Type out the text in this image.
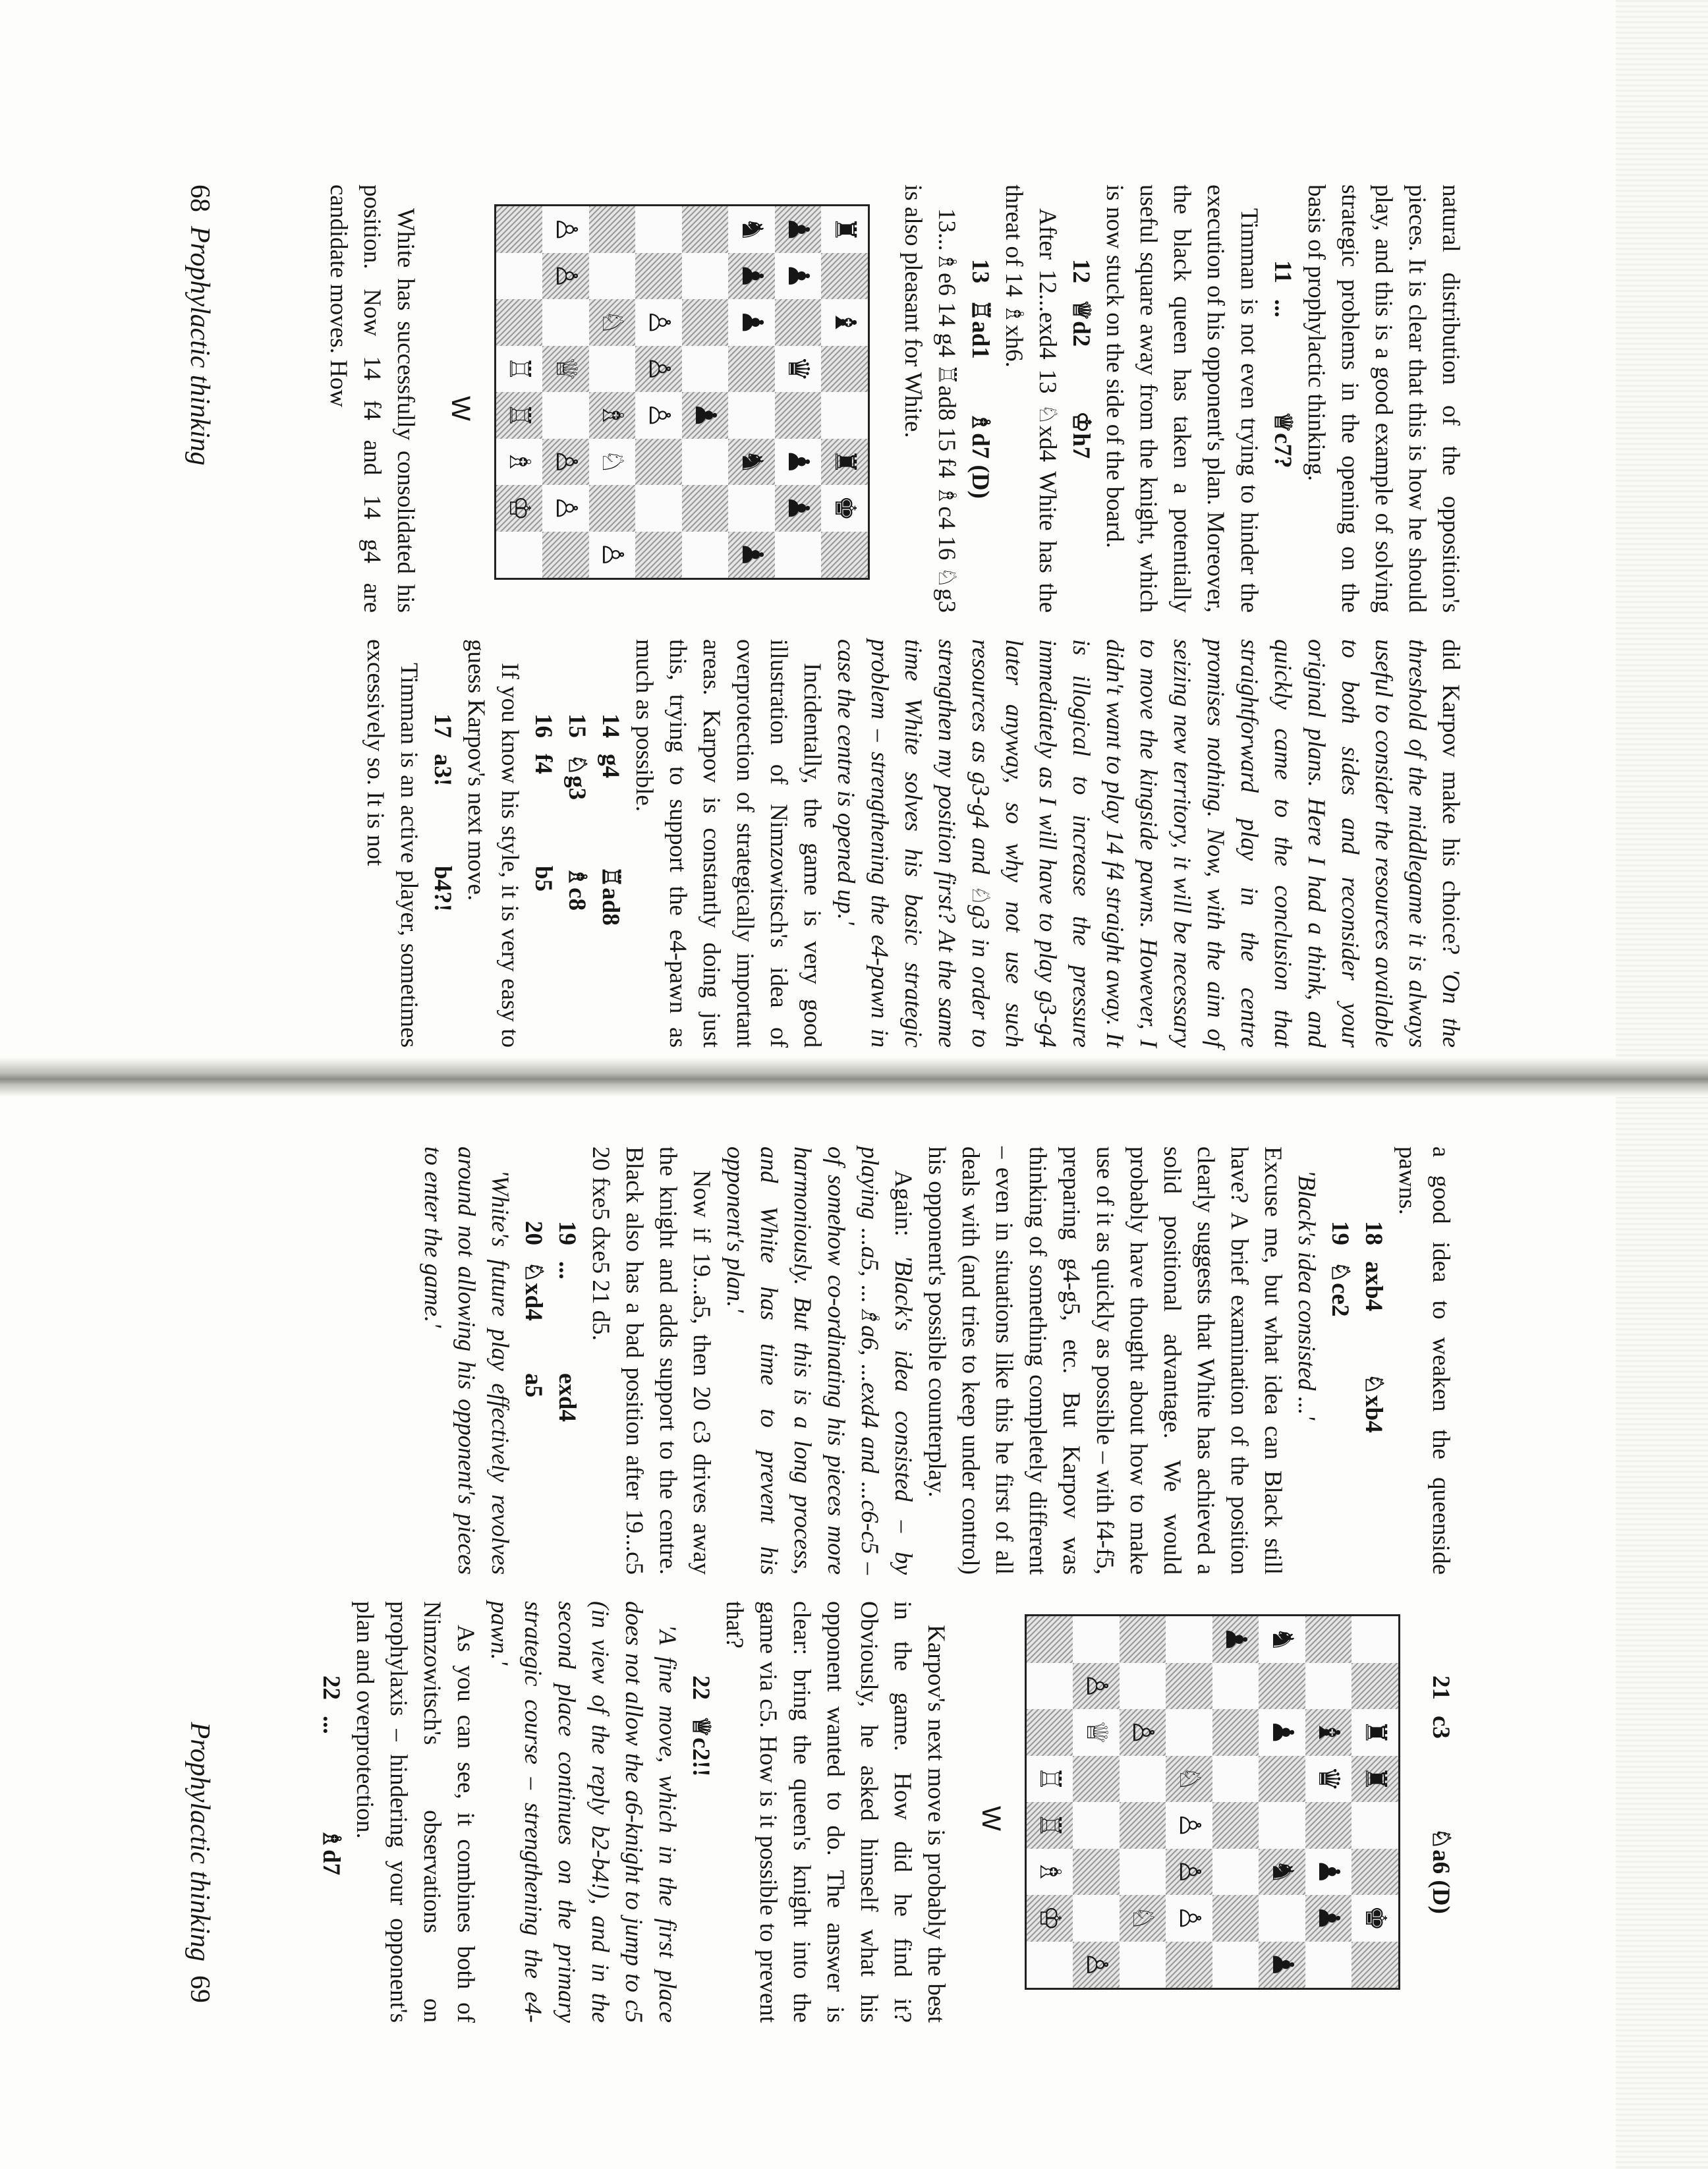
68  Prophylactic thinking	natural distribution of the opposition's pieces. It is clear that this is how he should play, and this is a good example of solving strategic problems in the opening on the basis of prophylactic thinking.

11
...
♕c7?

Timman is not even trying to hinder the execution of his opponent's plan. Moreover, the black queen has taken a potentially useful square away from the knight, which is now stuck on the side of the board.

12
♕d2
♔h7

After 12...exd4 13 ♘xd4 White has the threat of 14 ♗xh6.

13
♖ad1
♗d7 (D)

13...♗e6 14 g4 ♖ad8 15 f4 ♗c4 16 ♘g3 is also pleasant for White.

♜
♝
♜
♚
♟
♟
♛
♟
♟
♞
♟
♟
♞
♟
♟
♙
♙
♙
♘
♗
♘
♙
♙
♙
♕
♙
♙
♖
♖
♗
♔
W

White has successfully consolidated his position. Now 14 f4 and 14 g4 are candidate moves. How

did Karpov make his choice? 'On the threshold of the middlegame it is always useful to consider the resources available to both sides and reconsider your original plans. Here I had a think, and quickly came to the conclusion that straightforward play in the centre promises nothing. Now, with the aim of seizing new territory, it will be necessary to move the kingside pawns. However, I didn't want to play 14 f4 straight away. It is illogical to increase the pressure immediately as I will have to play g3-g4 later anyway, so why not use such resources as g3-g4 and ♘g3 in order to strengthen my position first? At the same time White solves his basic strategic problem – strengthening the e4-pawn in case the centre is opened up.'

Incidentally, the game is very good illustration of Nimzowitsch's idea of overprotection of strategically important areas. Karpov is constantly doing just this, trying to support the e4-pawn as much as possible.

14
g4
♖ad8

15
♘g3
♗c8

16
f4
b5

If you know his style, it is very easy to guess Karpov's next move.

17
a3!
b4?!

Timman is an active player, sometimes excessively so. It is not

Prophylactic thinking  69

a good idea to weaken the queenside pawns.

18
axb4
♘xb4

19
♘ce2

'Black's idea consisted ...'

Excuse me, but what idea can Black still have? A brief examination of the position clearly suggests that White has achieved a solid positional advantage. We would probably have thought about how to make use of it as quickly as possible – with f4-f5, preparing g4-g5, etc. But Karpov was thinking of something completely different – even in situations like this he first of all deals with (and tries to keep under control) his opponent's possible counterplay.

Again: 'Black's idea consisted – by playing ...a5, ...♗a6, ...exd4 and ...c6-c5 – of somehow co-ordinating his pieces more harmoniously. But this is a long process, and White has time to prevent his opponent's plan.'

Now if 19...a5, then 20 c3 drives away the knight and adds support to the centre. Black also has a bad position after 19...c5 20 fxe5 dxe5 21 d5.

19
...
exd4

20
♘xd4
a5

'White's future play effectively revolves around not allowing his opponent's pieces to enter the game.'

21
c3
♘a6 (D)

♜
♜
♚
♝
♛
♟
♟
♞
♟
♞
♟
♟
♘
♙
♙
♙
♙
♘
♙
♕
♙
♖
♖
♗
♔
W

Karpov's next move is probably the best in the game. How did he find it? Obviously, he asked himself what his opponent wanted to do. The answer is clear: bring the queen's knight into the game via c5. How is it possible to prevent that?

22
♕c2!!

'A fine move, which in the first place does not allow the a6-knight to jump to c5 (in view of the reply b2-b4!), and in the second place continues on the primary strategic course – strengthening the e4-pawn.'

As you can see, it combines both of Nimzowitsch's observations on prophylaxis – hindering your opponent's plan and overprotection.

22
...
♗d7
